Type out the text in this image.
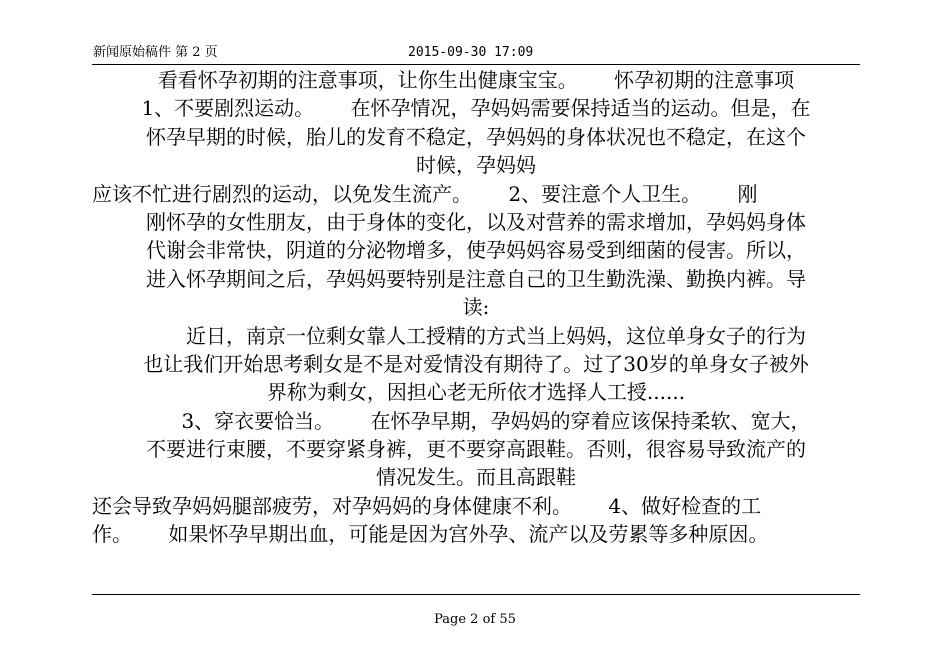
新闻原始稿件 第 2 页	2015-09-30 17:09
看看怀孕初期的注意事项，让你生出健康宝宝。　　 怀孕初期的注意事项
1、不要剧烈运动。　　 在怀孕情况，孕妈妈需要保持适当的运动。但是，在
怀孕早期的时候，胎儿的发育不稳定，孕妈妈的身体状况也不稳定，在这个
时候，孕妈妈
应该不忙进行剧烈的运动，以免发生流产。　　 2、要注意个人卫生。　　 刚
刚怀孕的女性朋友，由于身体的变化，以及对营养的需求增加，孕妈妈身体
代谢会非常快，阴道的分泌物增多，使孕妈妈容易受到细菌的侵害。所以，
进入怀孕期间之后，孕妈妈要特别是注意自己的卫生勤洗澡、勤换内裤。导
读:
　　近日，南京一位剩女靠人工授精的方式当上妈妈，这位单身女子的行为
也让我们开始思考剩女是不是对爱情没有期待了。过了30岁的单身女子被外
界称为剩女，因担心老无所依才选择人工授......
　　3、穿衣要恰当。　　 在怀孕早期，孕妈妈的穿着应该保持柔软、宽大，
不要进行束腰，不要穿紧身裤，更不要穿高跟鞋。否则，很容易导致流产的
情况发生。而且高跟鞋
还会导致孕妈妈腿部疲劳，对孕妈妈的身体健康不利。　　 4、做好检查的工
作。　　 如果怀孕早期出血，可能是因为宫外孕、流产以及劳累等多种原因。
Page 2 of 55
